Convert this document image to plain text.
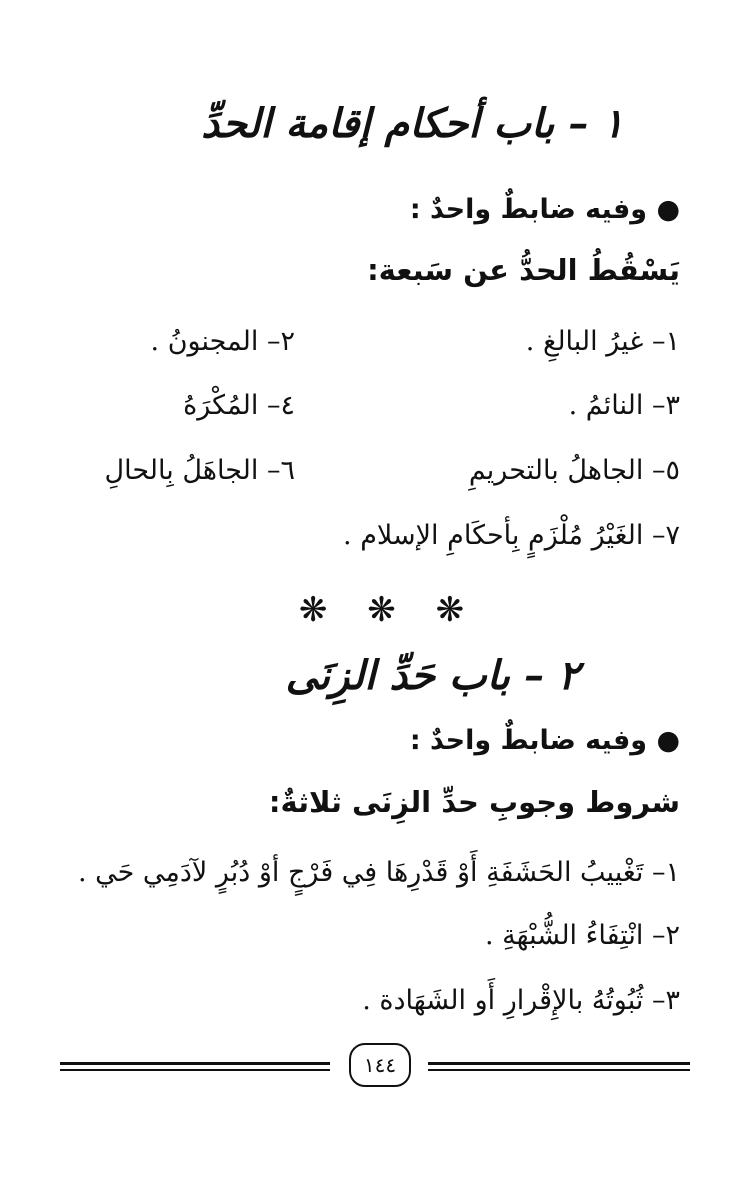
١ – باب أحكام إقامة الحدِّ
● وفيه ضابطٌ واحدٌ :
يَسْقُطُ الحدُّ عن سَبعة:
١– غيرُ البالغِ .
٢– المجنونُ .
٣– النائمُ .
٤– المُكْرَهُ
٥– الجاهلُ بالتحريمِ
٦– الجاهَلُ بِالحالِ
٧– الغَيْرُ مُلْزَمٍ بِأحكَامِ الإسلام .
❋ ❋ ❋
٢ – باب حَدِّ الزِنَى
● وفيه ضابطٌ واحدٌ :
شروط وجوبِ حدِّ الزِنَى ثلاثةٌ:
١– تَغْييبُ الحَشَفَةِ أَوْ قَدْرِهَا فِي فَرْجٍ أوْ دُبُرٍ لآدَمِي حَي .
٢– انْتِفَاءُ الشُّبْهَةِ .
٣– ثُبُوتُهُ بالإِقْرارِ أَو الشَهَادة .
١٤٤
